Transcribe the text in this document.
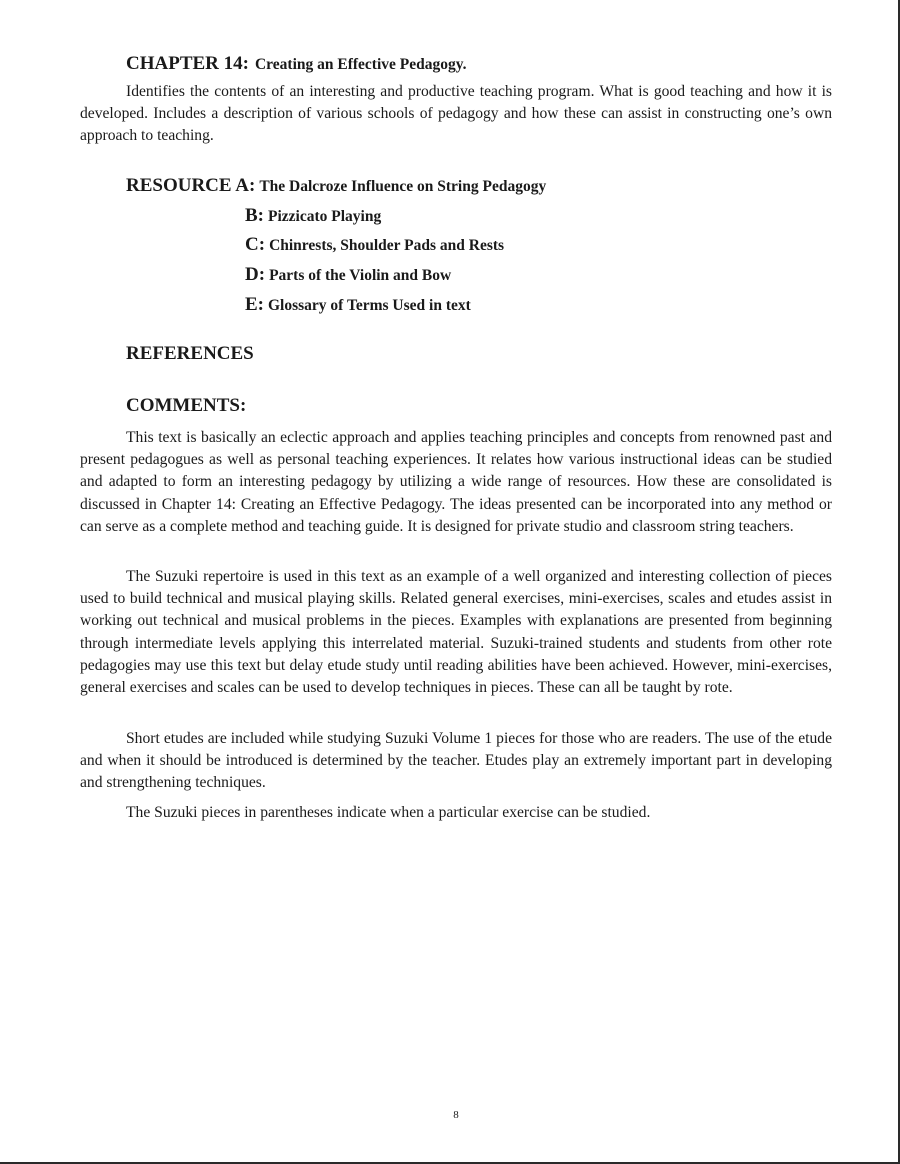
CHAPTER 14: Creating an Effective Pedagogy.

Identifies the contents of an interesting and productive teaching program. What is good teaching and how it is developed. Includes a description of various schools of pedagogy and how these can assist in constructing one’s own approach to teaching.

RESOURCE A: The Dalcroze Influence on String Pedagogy
B: Pizzicato Playing
C: Chinrests, Shoulder Pads and Rests
D: Parts of the Violin and Bow
E: Glossary of Terms Used in text
REFERENCES
COMMENTS:

This text is basically an eclectic approach and applies teaching principles and concepts from renowned past and present pedagogues as well as personal teaching experiences. It relates how various instructional ideas can be studied and adapted to form an interesting pedagogy by utilizing a wide range of resources. How these are consolidated is discussed in Chapter 14: Creating an Effective Pedagogy. The ideas presented can be incorporated into any method or can serve as a complete method and teaching guide. It is designed for private studio and classroom string teachers.

The Suzuki repertoire is used in this text as an example of a well organized and interesting collection of pieces used to build technical and musical playing skills. Related general exercises, mini-exercises, scales and etudes assist in working out technical and musical problems in the pieces. Examples with explanations are presented from beginning through intermediate levels applying this interrelated material. Suzuki-trained students and students from other rote pedagogies may use this text but delay etude study until reading abilities have been achieved. However, mini-exercises, general exercises and scales can be used to develop techniques in pieces. These can all be taught by rote.

Short etudes are included while studying Suzuki Volume 1 pieces for those who are readers. The use of the etude and when it should be introduced is determined by the teacher. Etudes play an extremely important part in developing and strengthening techniques.

The Suzuki pieces in parentheses indicate when a particular exercise can be studied.

8
